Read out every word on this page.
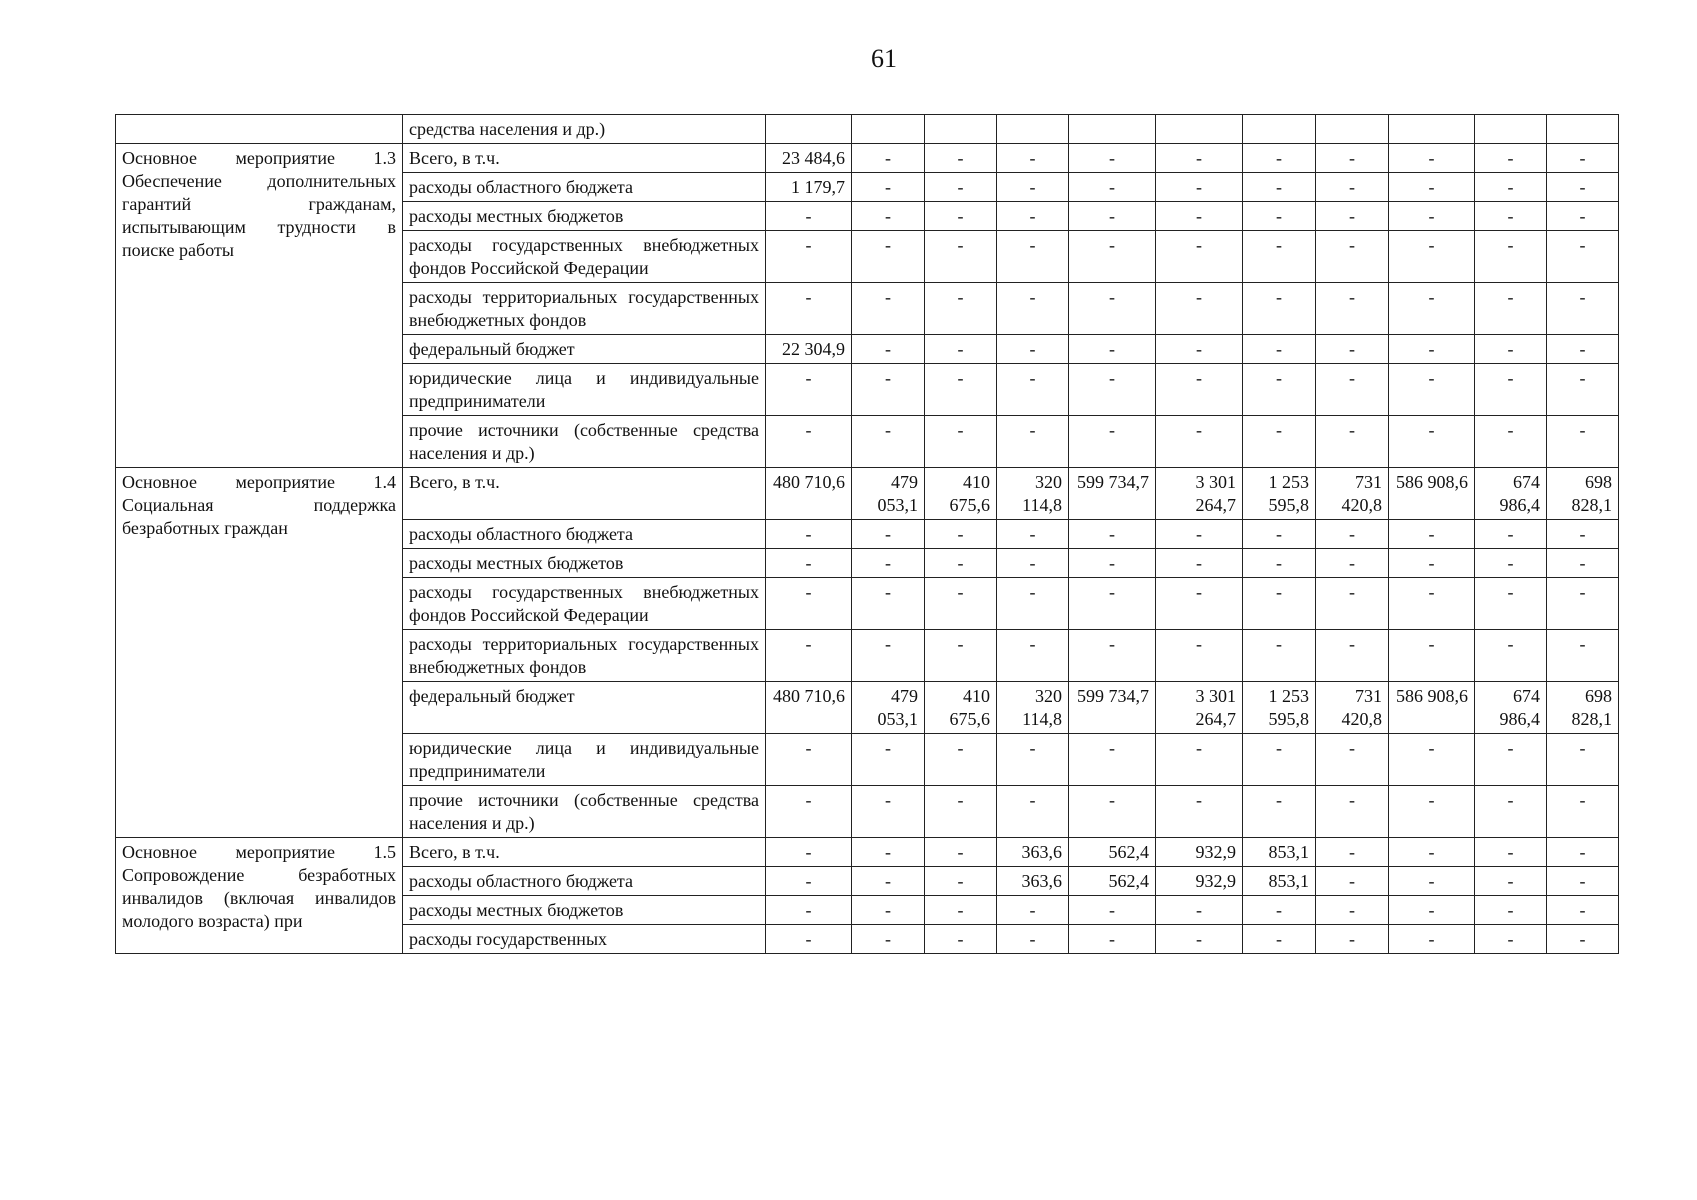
61
	средства населения и др.)											
Основное мероприятие 1.3 Обеспечение дополнительных гарантий гражданам, испытывающим трудности в поиске работы	Всего, в т.ч.	23 484,6	-	-	-	-	-	-	-	-	-	-
	расходы областного бюджета	1 179,7	-	-	-	-	-	-	-	-	-	-
	расходы местных бюджетов	-	-	-	-	-	-	-	-	-	-	-
	расходы государственных внебюджетных фондов Российской Федерации	-	-	-	-	-	-	-	-	-	-	-
	расходы территориальных государственных внебюджетных фондов	-	-	-	-	-	-	-	-	-	-	-
	федеральный бюджет	22 304,9	-	-	-	-	-	-	-	-	-	-
	юридические лица и индивидуальные предприниматели	-	-	-	-	-	-	-	-	-	-	-
	прочие источники (собственные средства населения и др.)	-	-	-	-	-	-	-	-	-	-	-
Основное мероприятие 1.4 Социальная поддержка безработных граждан	Всего, в т.ч.	480 710,6	479 053,1	410 675,6	320 114,8	599 734,7	3 301 264,7	1 253 595,8	731 420,8	586 908,6	674 986,4	698 828,1
	расходы областного бюджета	-	-	-	-	-	-	-	-	-	-	-
	расходы местных бюджетов	-	-	-	-	-	-	-	-	-	-	-
	расходы государственных внебюджетных фондов Российской Федерации	-	-	-	-	-	-	-	-	-	-	-
	расходы территориальных государственных внебюджетных фондов	-	-	-	-	-	-	-	-	-	-	-
	федеральный бюджет	480 710,6	479 053,1	410 675,6	320 114,8	599 734,7	3 301 264,7	1 253 595,8	731 420,8	586 908,6	674 986,4	698 828,1
	юридические лица и индивидуальные предприниматели	-	-	-	-	-	-	-	-	-	-	-
	прочие источники (собственные средства населения и др.)	-	-	-	-	-	-	-	-	-	-	-
Основное мероприятие 1.5 Сопровождение безработных инвалидов (включая инвалидов молодого возраста) при	Всего, в т.ч.	-	-	-	363,6	562,4	932,9	853,1	-	-	-	-
	расходы областного бюджета	-	-	-	363,6	562,4	932,9	853,1	-	-	-	-
	расходы местных бюджетов	-	-	-	-	-	-	-	-	-	-	-
	расходы государственных	-	-	-	-	-	-	-	-	-	-	-
